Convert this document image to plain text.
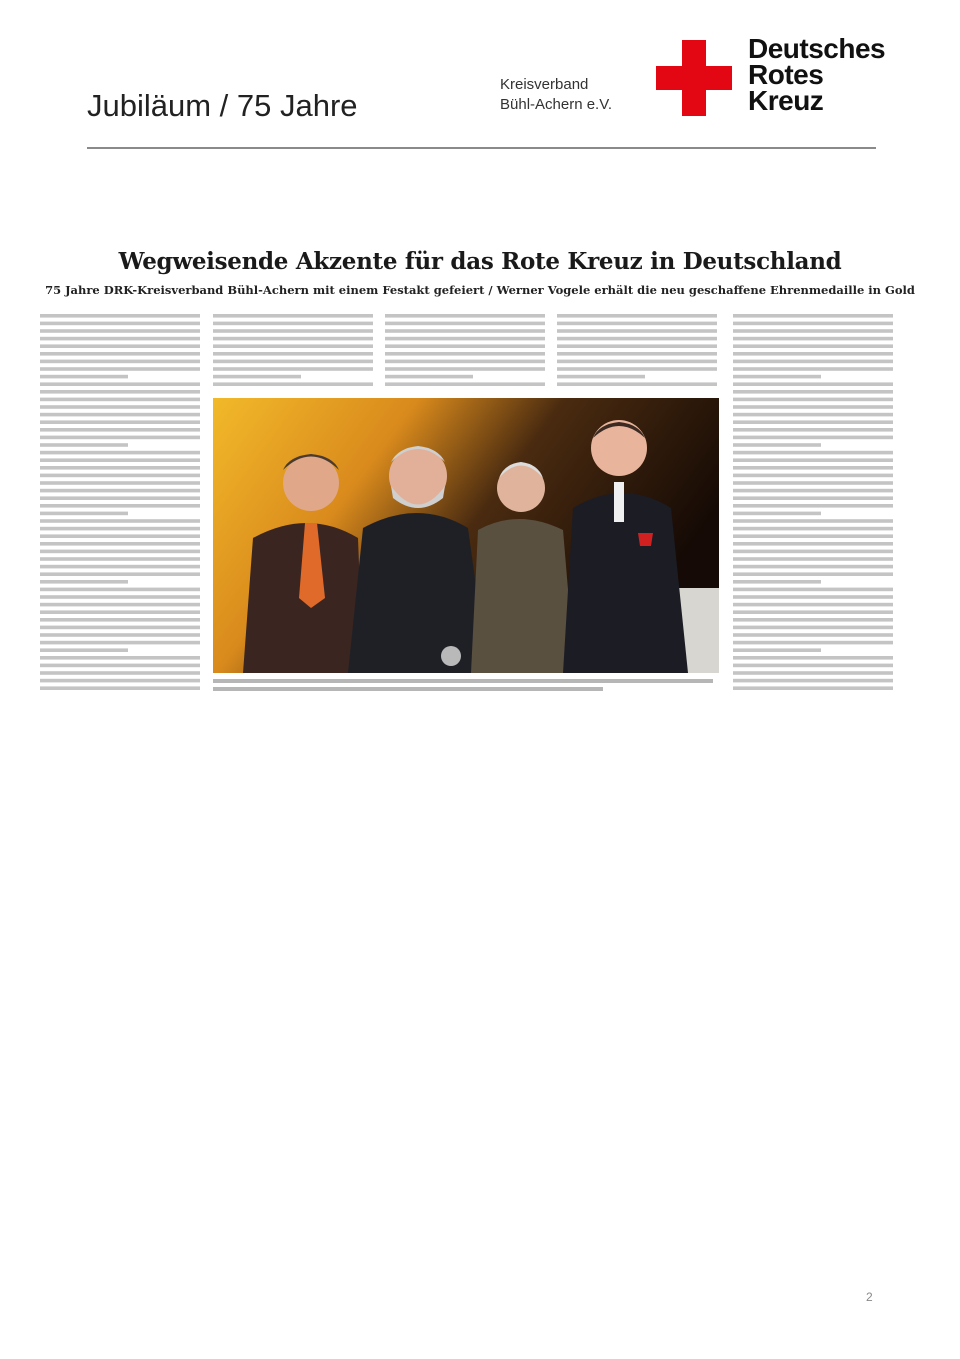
Jubiläum / 75 Jahre
Kreisverband
Bühl-Achern e.V.
Deutsches
Rotes
Kreuz
Wegweisende Akzente für das Rote Kreuz in Deutschland
75 Jahre DRK-Kreisverband Bühl-Achern mit einem Festakt gefeiert / Werner Vogele erhält die neu geschaffene Ehrenmedaille in Gold
2
